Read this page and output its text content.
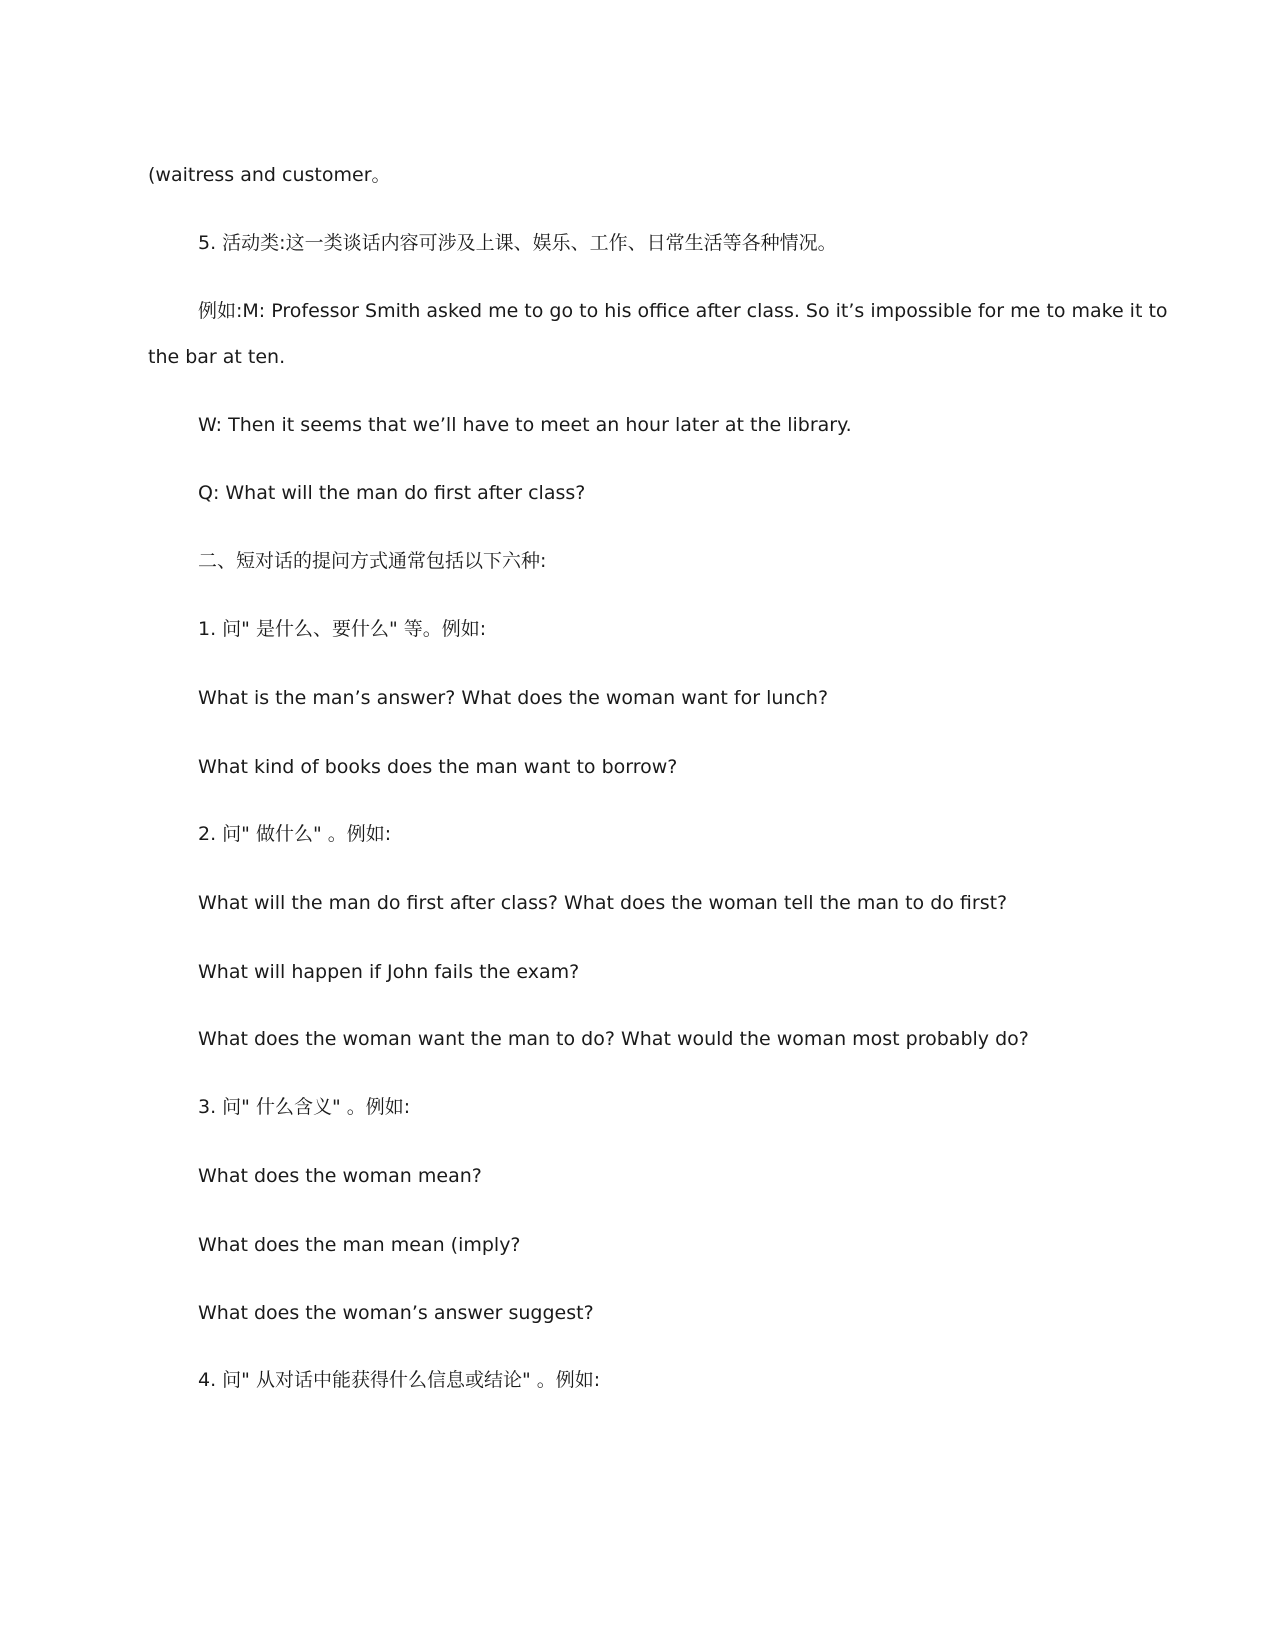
(waitress and customer。
5. 活动类:这一类谈话内容可涉及上课、娱乐、工作、日常生活等各种情况。
例如:M: Professor Smith asked me to go to his office after class. So it’s impossible for me to make it to
the bar at ten.
W: Then it seems that we’ll have to meet an hour later at the library.
Q: What will the man do first after class?
二、短对话的提问方式通常包括以下六种:
1. 问" 是什么、要什么" 等。例如:
What is the man’s answer? What does the woman want for lunch?
What kind of books does the man want to borrow?
2. 问" 做什么" 。例如:
What will the man do first after class? What does the woman tell the man to do first?
What will happen if John fails the exam?
What does the woman want the man to do? What would the woman most probably do?
3. 问" 什么含义" 。例如:
What does the woman mean?
What does the man mean (imply?
What does the woman’s answer suggest?
4. 问" 从对话中能获得什么信息或结论" 。例如:
